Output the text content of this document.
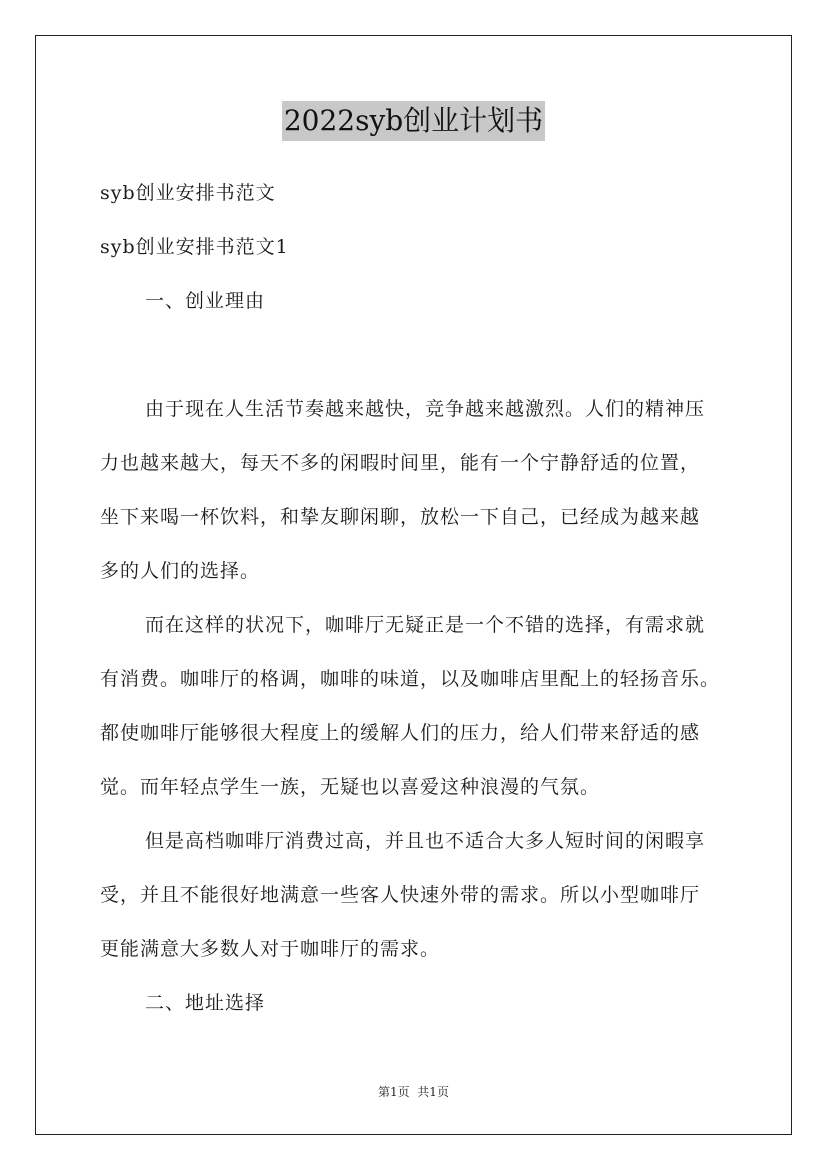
2022syb创业计划书
syb创业安排书范文
syb创业安排书范文1
一、创业理由
由于现在人生活节奏越来越快，竞争越来越激烈。人们的精神压
力也越来越大，每天不多的闲暇时间里，能有一个宁静舒适的位置，
坐下来喝一杯饮料，和挚友聊闲聊，放松一下自己，已经成为越来越
多的人们的选择。
而在这样的状况下，咖啡厅无疑正是一个不错的选择，有需求就
有消费。咖啡厅的格调，咖啡的味道，以及咖啡店里配上的轻扬音乐。
都使咖啡厅能够很大程度上的缓解人们的压力，给人们带来舒适的感
觉。而年轻点学生一族，无疑也以喜爱这种浪漫的气氛。
但是高档咖啡厅消费过高，并且也不适合大多人短时间的闲暇享
受，并且不能很好地满意一些客人快速外带的需求。所以小型咖啡厅
更能满意大多数人对于咖啡厅的需求。
二、地址选择
第1页  共1页
